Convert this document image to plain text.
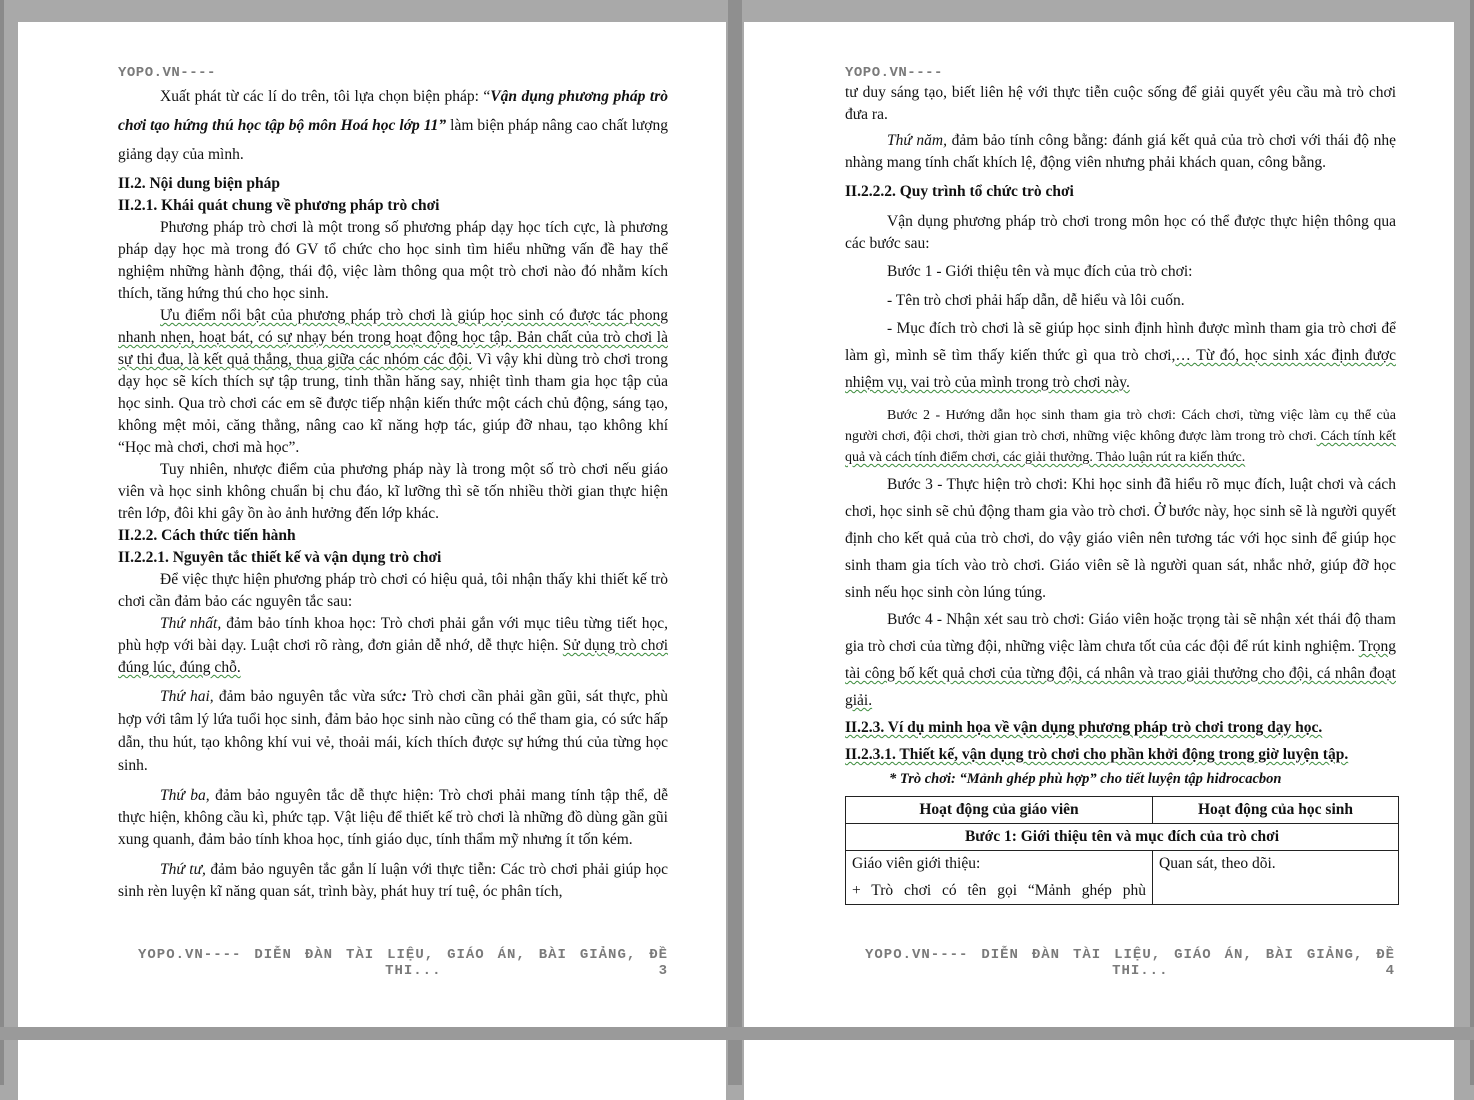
YOPO.VN----

Xuất phát từ các lí do trên, tôi lựa chọn biện pháp: “Vận dụng phương pháp trò chơi tạo hứng thú học tập bộ môn Hoá học lớp 11” làm biện pháp nâng cao chất lượng giảng dạy của mình.

II.2. Nội dung biện pháp

II.2.1. Khái quát chung về phương pháp trò chơi

Phương pháp trò chơi là một trong số phương pháp dạy học tích cực, là phương pháp dạy học mà trong đó GV tổ chức cho học sinh tìm hiểu những vấn đề hay thể nghiệm những hành động, thái độ, việc làm thông qua một trò chơi nào đó nhằm kích thích, tăng hứng thú cho học sinh.

Ưu điểm nổi bật của phương pháp trò chơi là giúp học sinh có được tác phong nhanh nhẹn, hoạt bát, có sự nhạy bén trong hoạt động học tập. Bản chất của trò chơi là sự thi đua, là kết quả thắng, thua giữa các nhóm các đội. Vì vậy khi dùng trò chơi trong dạy học sẽ kích thích sự tập trung, tinh thần hăng say, nhiệt tình tham gia học tập của học sinh. Qua trò chơi các em sẽ được tiếp nhận kiến thức một cách chủ động, sáng tạo, không mệt mỏi, căng thẳng, nâng cao kĩ năng hợp tác, giúp đỡ nhau, tạo không khí “Học mà chơi, chơi mà học”.

Tuy nhiên, nhược điểm của phương pháp này là trong một số trò chơi nếu giáo viên và học sinh không chuẩn bị chu đáo, kĩ lưỡng thì sẽ tốn nhiều thời gian thực hiện trên lớp, đôi khi gây ồn ào ảnh hưởng đến lớp khác.

II.2.2. Cách thức tiến hành

II.2.2.1. Nguyên tắc thiết kế và vận dụng trò chơi

Để việc thực hiện phương pháp trò chơi có hiệu quả, tôi nhận thấy khi thiết kế trò chơi cần đảm bảo các nguyên tắc sau:

Thứ nhất, đảm bảo tính khoa học: Trò chơi phải gắn với mục tiêu từng tiết học, phù hợp với bài dạy. Luật chơi rõ ràng, đơn giản dễ nhớ, dễ thực hiện. Sử dụng trò chơi đúng lúc, đúng chỗ.

Thứ hai, đảm bảo nguyên tắc vừa sức: Trò chơi cần phải gần gũi, sát thực, phù hợp với tâm lý lứa tuổi học sinh, đảm bảo học sinh nào cũng có thể tham gia, có sức hấp dẫn, thu hút, tạo không khí vui vẻ, thoải mái, kích thích được sự hứng thú của từng học sinh.

Thứ ba, đảm bảo nguyên tắc dễ thực hiện: Trò chơi phải mang tính tập thể, dễ thực hiện, không cầu kì, phức tạp. Vật liệu để thiết kế trò chơi là những đồ dùng gần gũi xung quanh, đảm bảo tính khoa học, tính giáo dục, tính thẩm mỹ nhưng ít tốn kém.

Thứ tư, đảm bảo nguyên tắc gắn lí luận với thực tiễn: Các trò chơi phải giúp học sinh rèn luyện kĩ năng quan sát, trình bày, phát huy trí tuệ, óc phân tích,

YOPO.VN---- DIỄN ĐÀN TÀI LIỆU, GIÁO ÁN, BÀI GIẢNG, ĐỀ
THI...	3
YOPO.VN----

tư duy sáng tạo, biết liên hệ với thực tiễn cuộc sống để giải quyết yêu cầu mà trò chơi đưa ra.

Thứ năm, đảm bảo tính công bằng: đánh giá kết quả của trò chơi với thái độ nhẹ nhàng mang tính chất khích lệ, động viên nhưng phải khách quan, công bằng.

II.2.2.2. Quy trình tổ chức trò chơi

Vận dụng phương pháp trò chơi trong môn học có thể được thực hiện thông qua các bước sau:

Bước 1 - Giới thiệu tên và mục đích của trò chơi:

- Tên trò chơi phải hấp dẫn, dễ hiểu và lôi cuốn.

- Mục đích trò chơi là sẽ giúp học sinh định hình được mình tham gia trò chơi để làm gì, mình sẽ tìm thấy kiến thức gì qua trò chơi,… Từ đó, học sinh xác định được nhiệm vụ, vai trò của mình trong trò chơi này.

Bước 2 - Hướng dẫn học sinh tham gia trò chơi: Cách chơi, từng việc làm cụ thể của người chơi, đội chơi, thời gian trò chơi, những việc không được làm trong trò chơi. Cách tính kết quả và cách tính điểm chơi, các giải thưởng. Thảo luận rút ra kiến thức.

Bước 3 - Thực hiện trò chơi: Khi học sinh đã hiểu rõ mục đích, luật chơi và cách chơi, học sinh sẽ chủ động tham gia vào trò chơi. Ở bước này, học sinh sẽ là người quyết định cho kết quả của trò chơi, do vậy giáo viên nên tương tác với học sinh để giúp học sinh tham gia tích vào trò chơi. Giáo viên sẽ là người quan sát, nhắc nhở, giúp đỡ học sinh nếu học sinh còn lúng túng.

Bước 4 - Nhận xét sau trò chơi: Giáo viên hoặc trọng tài sẽ nhận xét thái độ tham gia trò chơi của từng đội, những việc làm chưa tốt của các đội để rút kinh nghiệm. Trọng tài công bố kết quả chơi của từng đội, cá nhân và trao giải thưởng cho đội, cá nhân đoạt giải.

II.2.3. Ví dụ minh họa về vận dụng phương pháp trò chơi trong dạy học.

II.2.3.1. Thiết kế, vận dụng trò chơi cho phần khởi động trong giờ luyện tập.

* Trò chơi: “Mảnh ghép phù hợp” cho tiết luyện tập hidrocacbon

Hoạt động của giáo viên	Hoạt động của học sinh
Bước 1: Giới thiệu tên và mục đích của trò chơi	

Giáo viên giới thiệu:
+ Trò chơi có tên gọi “Mảnh ghép phù	Quan sát, theo dõi.
YOPO.VN---- DIỄN ĐÀN TÀI LIỆU, GIÁO ÁN, BÀI GIẢNG, ĐỀ
THI...	4
